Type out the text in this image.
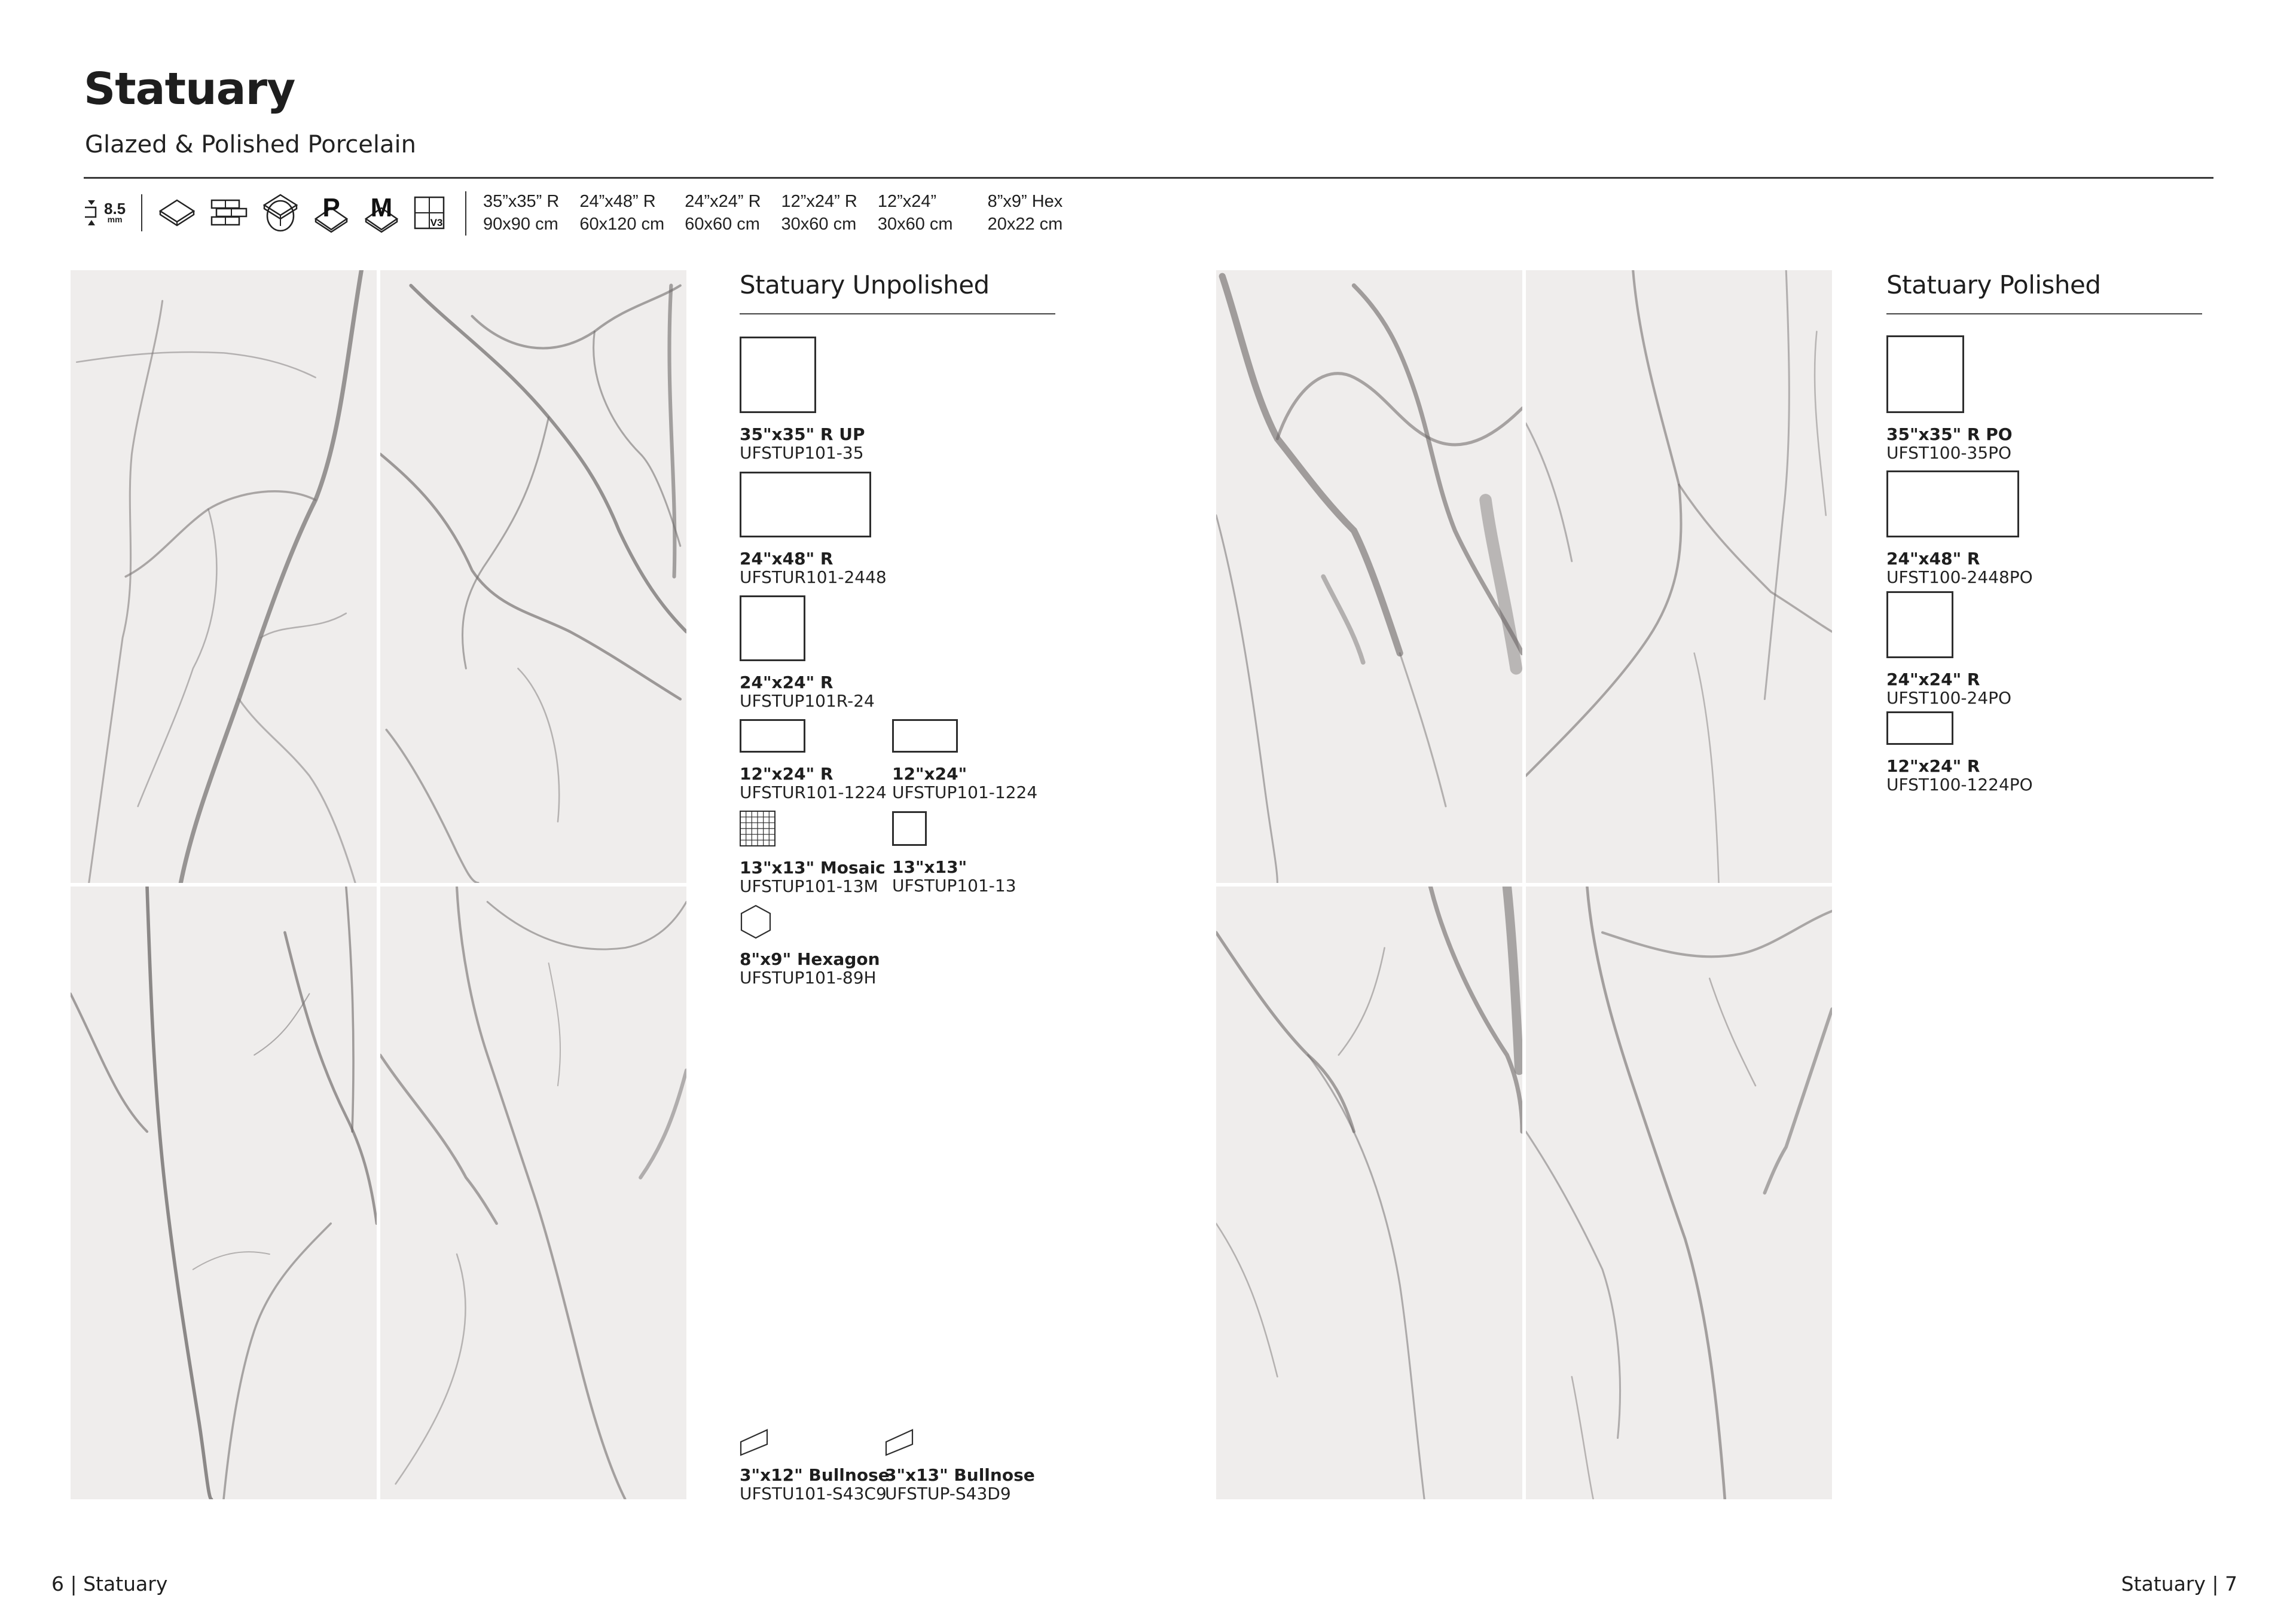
Statuary
Glazed & Polished Porcelain
8.5
mm	P M
V3
35”x35” R
90x90 cm
24”x48” R
60x120 cm
24”x24” R
60x60 cm
12”x24” R
30x60 cm
12”x24”
30x60 cm
8”x9” Hex
20x22 cm
Statuary Unpolished
35"x35" R UP
UFSTUP101-35
24"x48" R
UFSTUR101-2448
24"x24" R
UFSTUP101R-24
12"x24" R
UFSTUR101-1224
12"x24"
UFSTUP101-1224
13"x13" Mosaic
UFSTUP101-13M
13"x13"
UFSTUP101-13
8"x9" Hexagon
UFSTUP101-89H
3"x12" Bullnose
UFSTU101-S43C9
3"x13" Bullnose
UFSTUP-S43D9
Statuary Polished
35"x35" R PO
UFST100-35PO
24"x48" R
UFST100-2448PO
24"x24" R
UFST100-24PO
12"x24" R
UFST100-1224PO
6 | Statuary	Statuary | 7
